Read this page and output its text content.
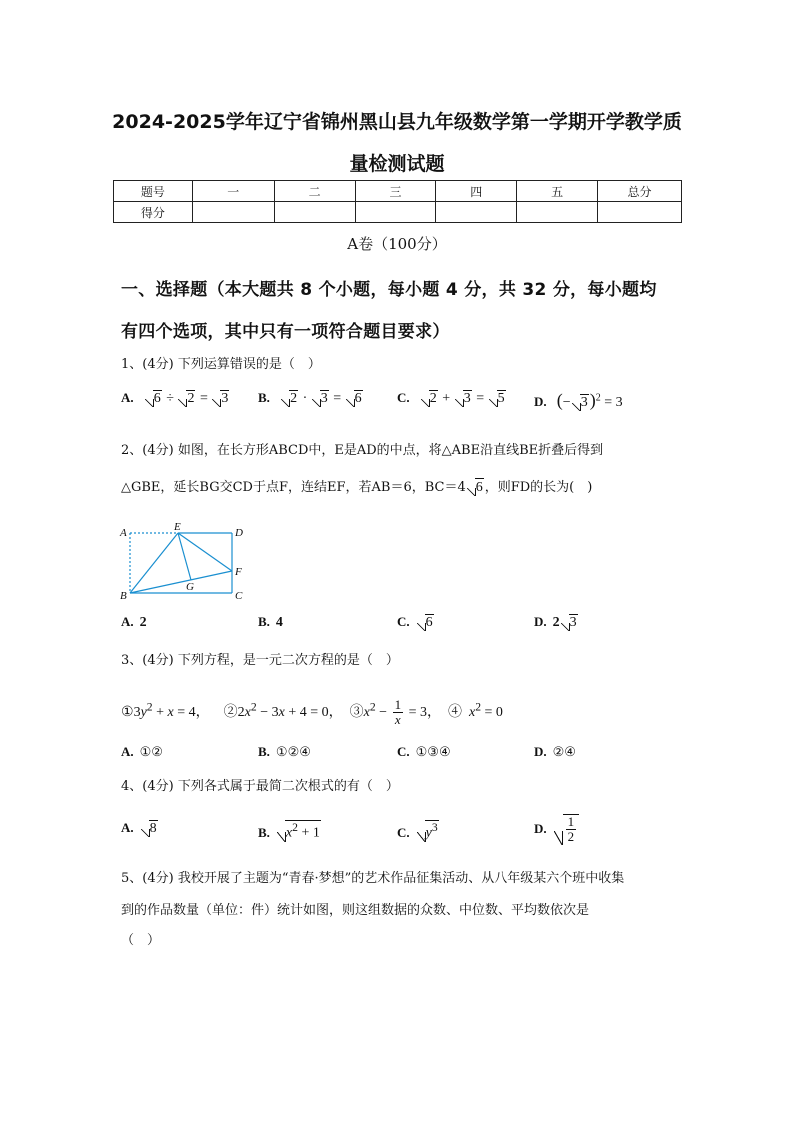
2024-2025学年辽宁省锦州黑山县九年级数学第一学期开学教学质
量检测试题
题号	一	二	三	四	五	总分
得分						
A卷（100分）
一、选择题（本大题共 8 个小题，每小题 4 分，共 32 分，每小题均
有四个选项，其中只有一项符合题目要求）
1、(4分) 下列运算错误的是（　）
A. 6 ÷ 2 = 3 B. 2 · 3 = 6	C. 2 + 3 = 5 D. (− 3 )$^2$ = 3
2、(4分) 如图，在长方形ABCD中，E是AD的中点，将△ABE沿直线BE折叠后得到
△GBE，延长BG交CD于点F，连结EF，若AB＝6，BC＝4 6 ，则FD的长为(　)
A	E	D
F
G
B	C
A. 2	B. 4	C. 6	D. 2 3
3、(4分) 下列方程，是一元二次方程的是（　）
$①3y^2 + x = 4$， $②2x^2 - 3x + 4 = 0$， $③x^2 - \frac{1}{x} = 3$， ④ $x^2 = 0$
A. ①②	B. ①②④	C. ①③④	D. ②④
4、(4分) 下列各式属于最简二次根式的有（　）
A. 8	B. $x^2 + 1$	C. $y^3$	D. $\frac{1}{2}$
5、(4分) 我校开展了主题为“青春·梦想”的艺术作品征集活动、从八年级某六个班中收集
到的作品数量（单位：件）统计如图，则这组数据的众数、中位数、平均数依次是
（　）
